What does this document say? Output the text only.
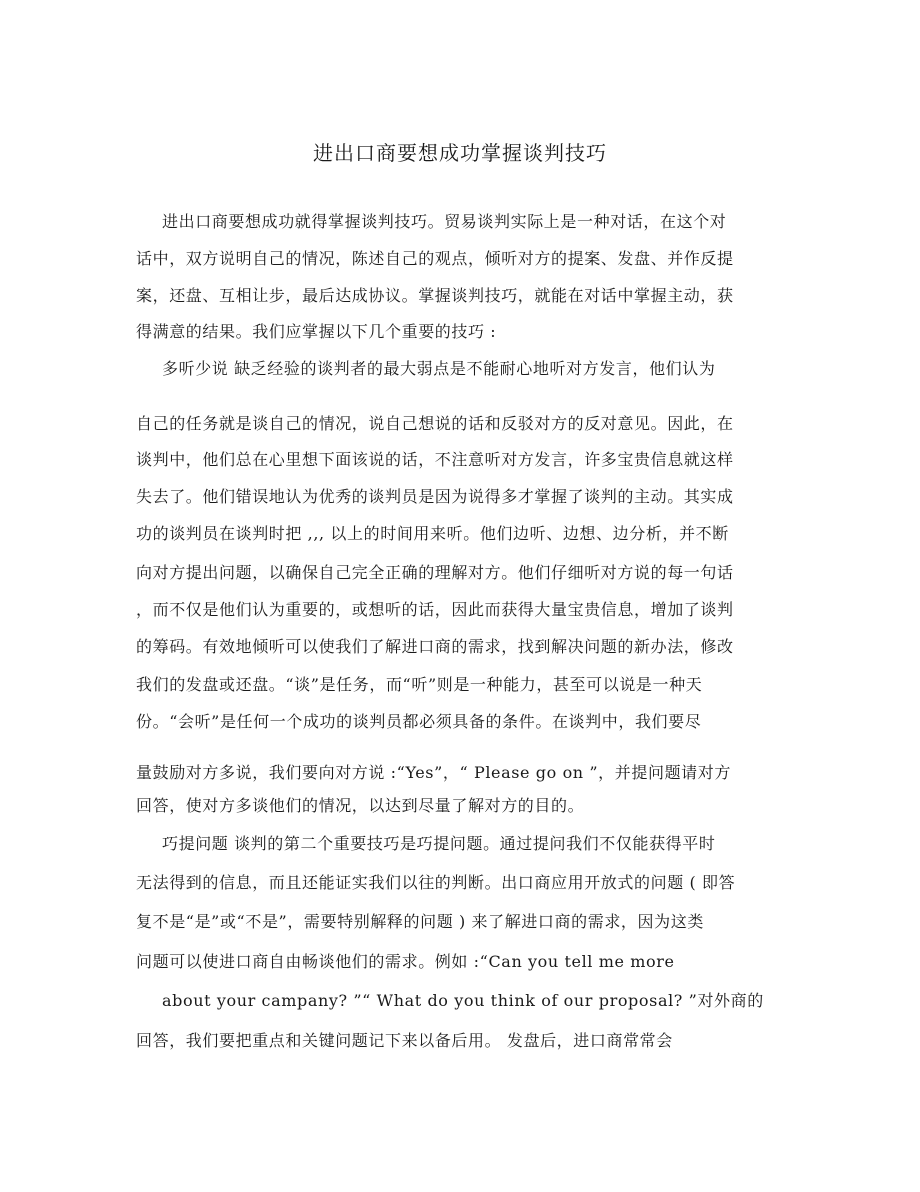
进出口商要想成功掌握谈判技巧
进出口商要想成功就得掌握谈判技巧。贸易谈判实际上是一种对话，在这个对
话中，双方说明自己的情况，陈述自己的观点，倾听对方的提案、发盘、并作反提
案，还盘、互相让步，最后达成协议。掌握谈判技巧，就能在对话中掌握主动，获
得满意的结果。我们应掌握以下几个重要的技巧 :
多听少说 缺乏经验的谈判者的最大弱点是不能耐心地听对方发言，他们认为
自己的任务就是谈自己的情况，说自己想说的话和反驳对方的反对意见。因此，在
谈判中，他们总在心里想下面该说的话，不注意听对方发言，许多宝贵信息就这样
失去了。他们错误地认为优秀的谈判员是因为说得多才掌握了谈判的主动。其实成
功的谈判员在谈判时把 ,,, 以上的时间用来听。他们边听、边想、边分析，并不断
向对方提出问题，以确保自己完全正确的理解对方。他们仔细听对方说的每一句话
，而不仅是他们认为重要的，或想听的话，因此而获得大量宝贵信息，增加了谈判
的筹码。有效地倾听可以使我们了解进口商的需求，找到解决问题的新办法，修改
我们的发盘或还盘。“谈”是任务，而“听”则是一种能力，甚至可以说是一种天
份。“会听”是任何一个成功的谈判员都必须具备的条件。在谈判中，我们要尽
量鼓励对方多说，我们要向对方说 :“Yes”，“ Please go on ”，并提问题请对方
回答，使对方多谈他们的情况，以达到尽量了解对方的目的。
巧提问题 谈判的第二个重要技巧是巧提问题。通过提问我们不仅能获得平时
无法得到的信息，而且还能证实我们以往的判断。出口商应用开放式的问题 ( 即答
复不是“是”或“不是”，需要特别解释的问题 ) 来了解进口商的需求，因为这类
问题可以使进口商自由畅谈他们的需求。例如 :“Can you tell me more
about your campany? ”“ What do you think of our proposal? ”对外商的
回答，我们要把重点和关键问题记下来以备后用。 发盘后，进口商常常会
